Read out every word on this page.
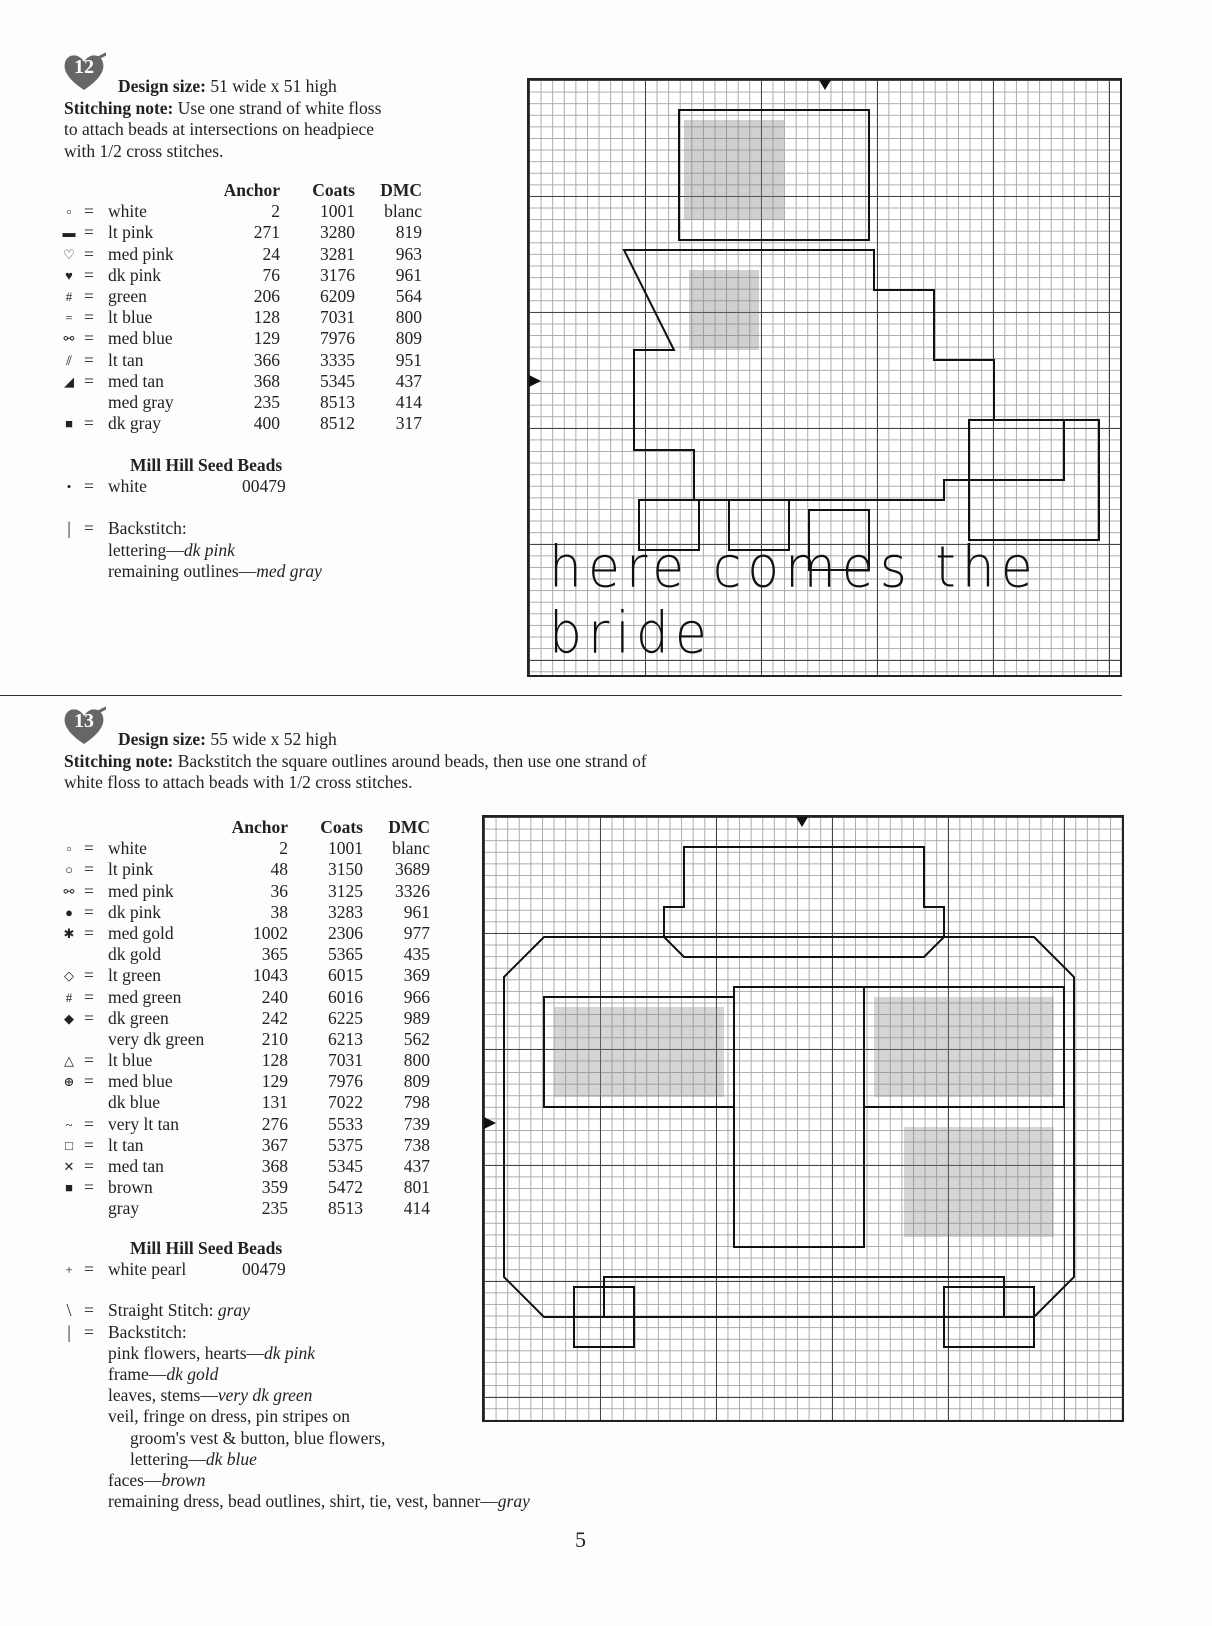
12
Design size: 51 wide x 51 high
Stitching note: Use one strand of white floss
to attach beads at intersections on headpiece
with 1/2 cross stitches.
Anchor	Coats	DMC
▫ = white	2	1001	blanc
▬ = lt pink	271	3280	819
♡ = med pink	24	3281	963
♥ = dk pink	76	3176	961
# = green	206	6209	564
= = lt blue	128	7031	800
⚯ = med blue	129	7976	809
⫽ = lt tan	366	3335	951
◢ = med tan	368	5345	437
med gray	235	8513	414
■ = dk gray	400	8512	317
Mill Hill Seed Beads
• = white	00479
| = Backstitch:
lettering—dk pink
remaining outlines—med gray	here comes the bride
13
Design size: 55 wide x 52 high
Stitching note: Backstitch the square outlines around beads, then use one strand of
white floss to attach beads with 1/2 cross stitches.
Anchor	Coats	DMC
▫ = white	2	1001	blanc
○ = lt pink	48	3150	3689
⚯ = med pink	36	3125	3326
● = dk pink	38	3283	961
✱ = med gold	1002	2306	977
dk gold	365	5365	435
◇ = lt green	1043	6015	369
# = med green	240	6016	966
◆ = dk green	242	6225	989
very dk green	210	6213	562
△ = lt blue	128	7031	800
⊕ = med blue	129	7976	809
dk blue	131	7022	798
~ = very lt tan	276	5533	739
□ = lt tan	367	5375	738
✕ = med tan	368	5345	437
■ = brown	359	5472	801
gray	235	8513	414
Mill Hill Seed Beads
+ = white pearl	00479
\ = Straight Stitch: gray
| = Backstitch:
pink flowers, hearts—dk pink
frame—dk gold
leaves, stems—very dk green
veil, fringe on dress, pin stripes on
groom's vest & button, blue flowers,
lettering—dk blue
faces—brown
remaining dress, bead outlines, shirt, tie, vest, banner—gray
5
